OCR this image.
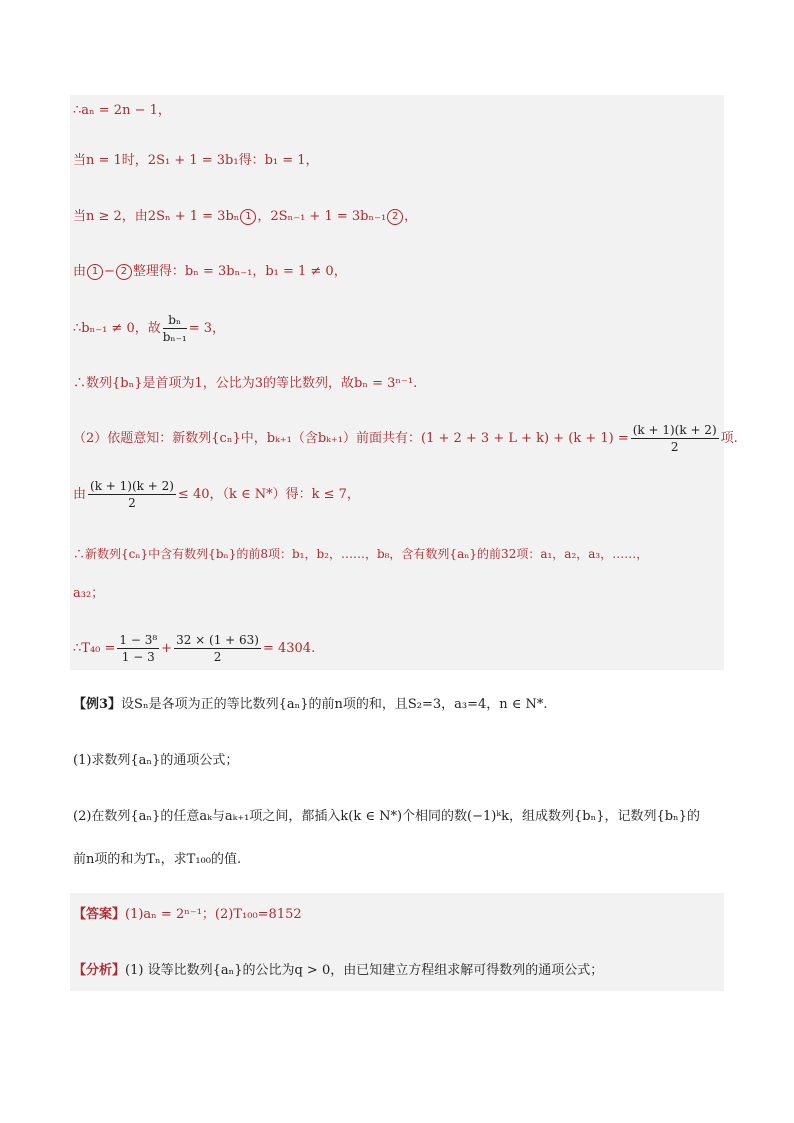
∴aₙ = 2n − 1，
当n = 1时，2S₁ + 1 = 3b₁得：b₁ = 1，
当n ≥ 2，由2Sₙ + 1 = 3bₙ 1 ，2Sₙ₋₁ + 1 = 3bₙ₋₁ 2 ，
由 1 − 2 整理得：bₙ = 3bₙ₋₁，b₁ = 1 ≠ 0，
∴bₙ₋₁ ≠ 0，故 $\frac{\text{bₙ}}{\text{bₙ₋₁}} = 3$，
∴数列{bₙ}是首项为1，公比为3的等比数列，故bₙ = 3ⁿ⁻¹.
（2）依题意知：新数列{cₙ}中，bₖ₊₁（含bₖ₊₁）前面共有：$(1 + 2 + 3 + L + k) + (k + 1) = \frac{(k + 1)(k + 2)}{2}$ 项.
由 $\frac{(k + 1)(k + 2)}{2} \le 40$，（k ∈ N*）得：k ≤ 7，
∴新数列{cₙ}中含有数列{bₙ}的前8项：b₁，b₂，……，b₈，含有数列{aₙ}的前32项：a₁，a₂，a₃，……，
a₃₂；
∴T₄₀ = $\frac{\text{1 − 3⁸}}{1 - 3} + \frac{32 \times (1 + 63)}{2} = 4304$.
【例3】设Sₙ是各项为正的等比数列{aₙ}的前n项的和，且S₂=3，a₃=4，n ∈ N*.
(1)求数列{aₙ}的通项公式；
(2)在数列{aₙ}的任意aₖ与aₖ₊₁项之间，都插入k(k ∈ N*)个相同的数(−1)ᵏk，组成数列{bₙ}，记数列{bₙ}的
前n项的和为Tₙ，求T₁₀₀的值.
【答案】(1)aₙ = 2ⁿ⁻¹；(2)T₁₀₀=8152
【分析】(1) 设等比数列{aₙ}的公比为q > 0，由已知建立方程组求解可得数列的通项公式；
